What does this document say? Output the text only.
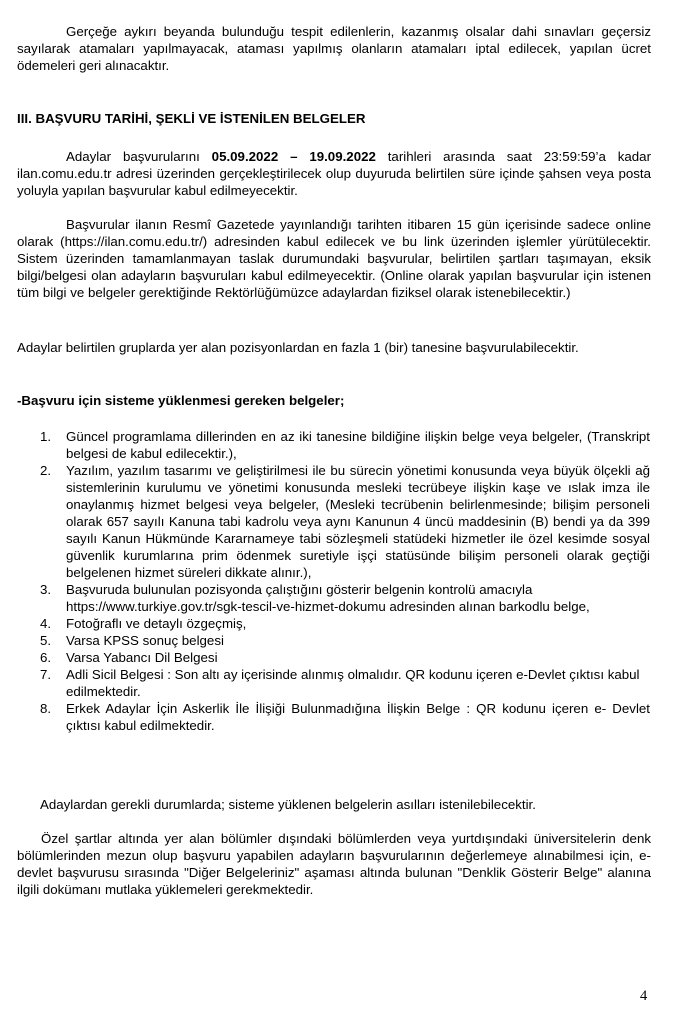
Gerçeğe aykırı beyanda bulunduğu tespit edilenlerin, kazanmış olsalar dahi sınavları geçersiz sayılarak atamaları yapılmayacak, ataması yapılmış olanların atamaları iptal edilecek, yapılan ücret ödemeleri geri alınacaktır.

III. BAŞVURU TARİHİ, ŞEKLİ VE İSTENİLEN BELGELER

Adaylar başvurularını 05.09.2022 – 19.09.2022 tarihleri arasında saat 23:59:59’a kadar ilan.comu.edu.tr adresi üzerinden gerçekleştirilecek olup duyuruda belirtilen süre içinde şahsen veya posta yoluyla yapılan başvurular kabul edilmeyecektir.

Başvurular ilanın Resmî Gazetede yayınlandığı tarihten itibaren 15 gün içerisinde sadece online olarak (https://ilan.comu.edu.tr/) adresinden kabul edilecek ve bu link üzerinden işlemler yürütülecektir. Sistem üzerinden tamamlanmayan taslak durumundaki başvurular, belirtilen şartları taşımayan, eksik bilgi/belgesi olan adayların başvuruları kabul edilmeyecektir. (Online olarak yapılan başvurular için istenen tüm bilgi ve belgeler gerektiğinde Rektörlüğümüzce adaylardan fiziksel olarak istenebilecektir.)

Adaylar belirtilen gruplarda yer alan pozisyonlardan en fazla 1 (bir) tanesine başvurulabilecektir.

-Başvuru için sisteme yüklenmesi gereken belgeler;

1. Güncel programlama dillerinden en az iki tanesine bildiğine ilişkin belge veya belgeler, (Transkript belgesi de kabul edilecektir.),
2. Yazılım, yazılım tasarımı ve geliştirilmesi ile bu sürecin yönetimi konusunda veya büyük ölçekli ağ sistemlerinin kurulumu ve yönetimi konusunda mesleki tecrübeye ilişkin kaşe ve ıslak imza ile onaylanmış hizmet belgesi veya belgeler, (Mesleki tecrübenin belirlenmesinde; bilişim personeli olarak 657 sayılı Kanuna tabi kadrolu veya aynı Kanunun 4 üncü maddesinin (B) bendi ya da 399 sayılı Kanun Hükmünde Kararnameye tabi sözleşmeli statüdeki hizmetler ile özel kesimde sosyal güvenlik kurumlarına prim ödenmek suretiyle işçi statüsünde bilişim personeli olarak geçtiği belgelenen hizmet süreleri dikkate alınır.),
3. Başvuruda bulunulan pozisyonda çalıştığını gösterir belgenin kontrolü amacıyla https://www.turkiye.gov.tr/sgk-tescil-ve-hizmet-dokumu adresinden alınan barkodlu belge,
4. Fotoğraflı ve detaylı özgeçmiş,
5. Varsa KPSS sonuç belgesi
6. Varsa Yabancı Dil Belgesi
7. Adli Sicil Belgesi : Son altı ay içerisinde alınmış olmalıdır. QR kodunu içeren e-Devlet çıktısı kabul edilmektedir.
8. Erkek Adaylar İçin Askerlik İle İlişiği Bulunmadığına İlişkin Belge : QR kodunu içeren e- Devlet çıktısı kabul edilmektedir.

Adaylardan gerekli durumlarda; sisteme yüklenen belgelerin asılları istenilebilecektir.

Özel şartlar altında yer alan bölümler dışındaki bölümlerden veya yurtdışındaki üniversitelerin denk bölümlerinden mezun olup başvuru yapabilen adayların başvurularının değerlemeye alınabilmesi için, e-devlet başvurusu sırasında "Diğer Belgeleriniz" aşaması altında bulunan "Denklik Gösterir Belge" alanına ilgili dokümanı mutlaka yüklemeleri gerekmektedir.

4
